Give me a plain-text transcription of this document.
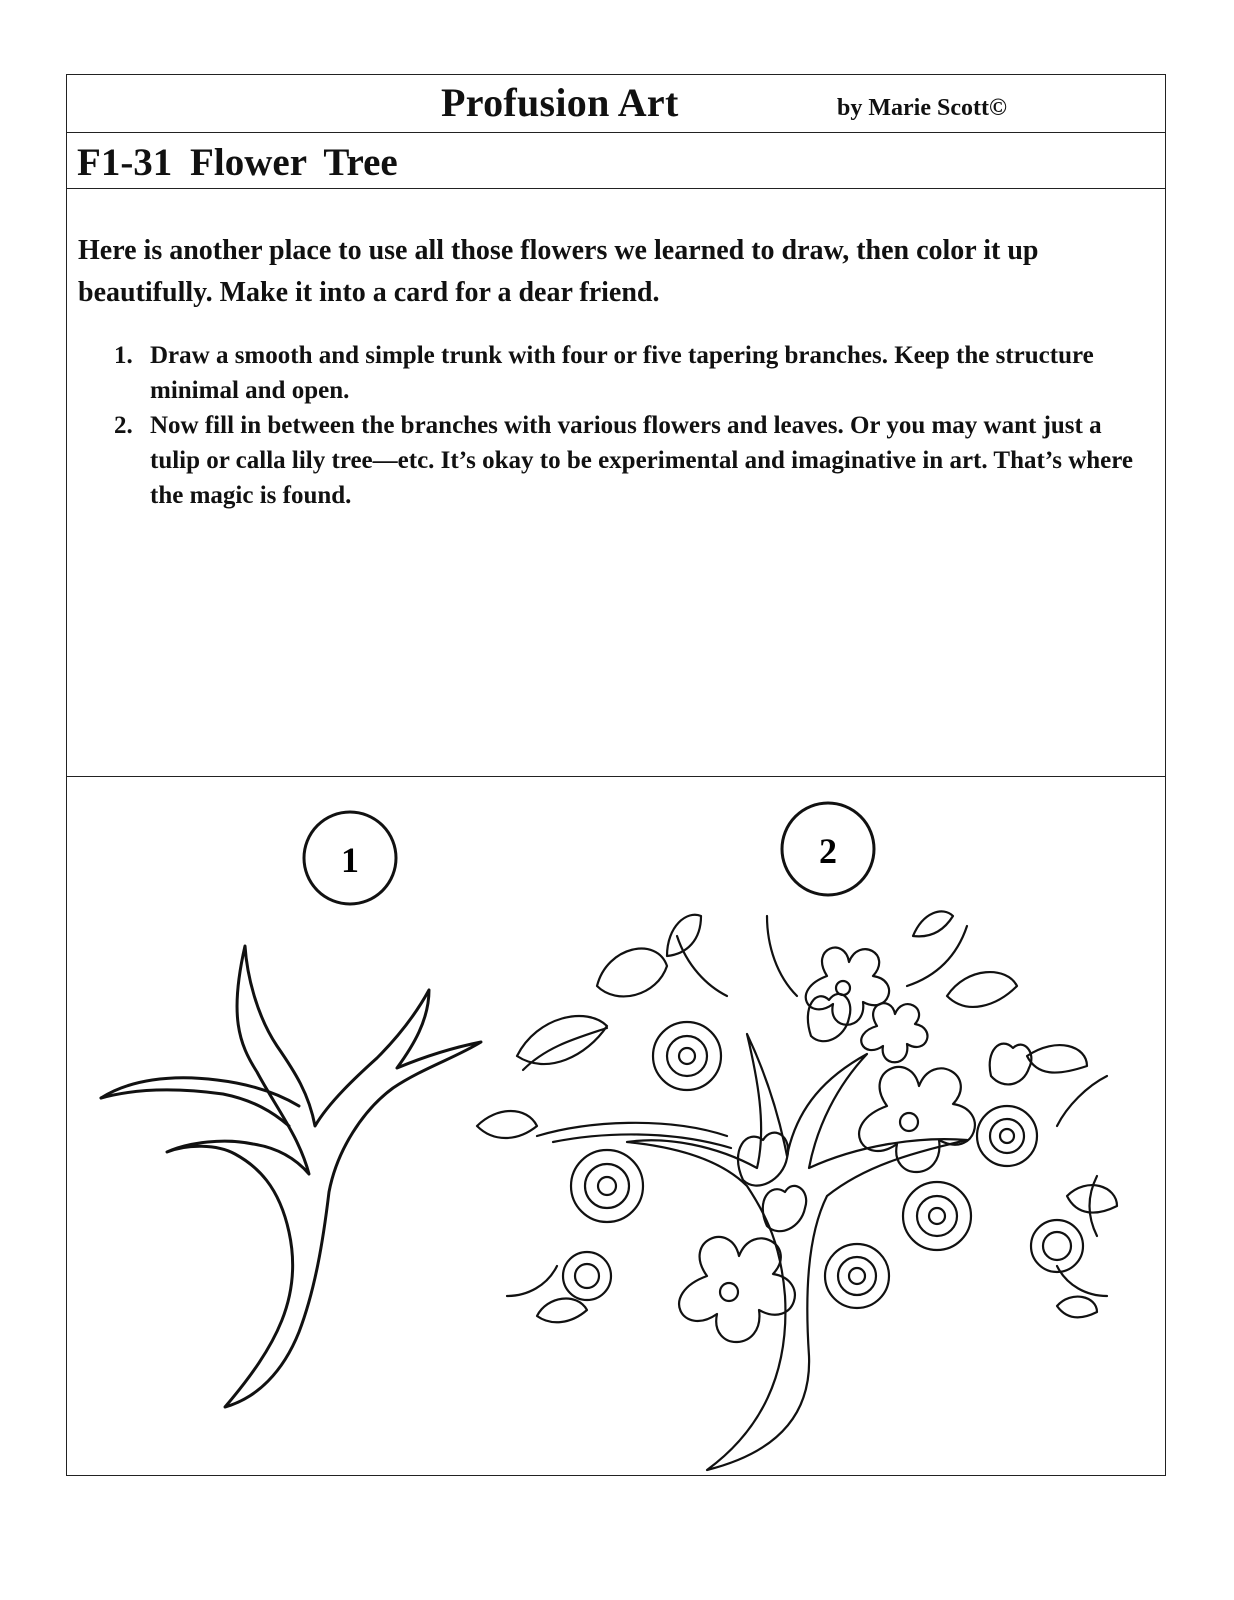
Profusion Art	by Marie Scott©
F1-31 Flower Tree
Here is another place to use all those flowers we learned to draw, then color it up beautifully. Make it into a card for a dear friend.
1. Draw a smooth and simple trunk with four or five tapering branches. Keep the structure minimal and open.
2. Now fill in between the branches with various flowers and leaves. Or you may want just a tulip or calla lily tree—etc. It’s okay to be experimental and imaginative in art. That’s where the magic is found.
1	2
